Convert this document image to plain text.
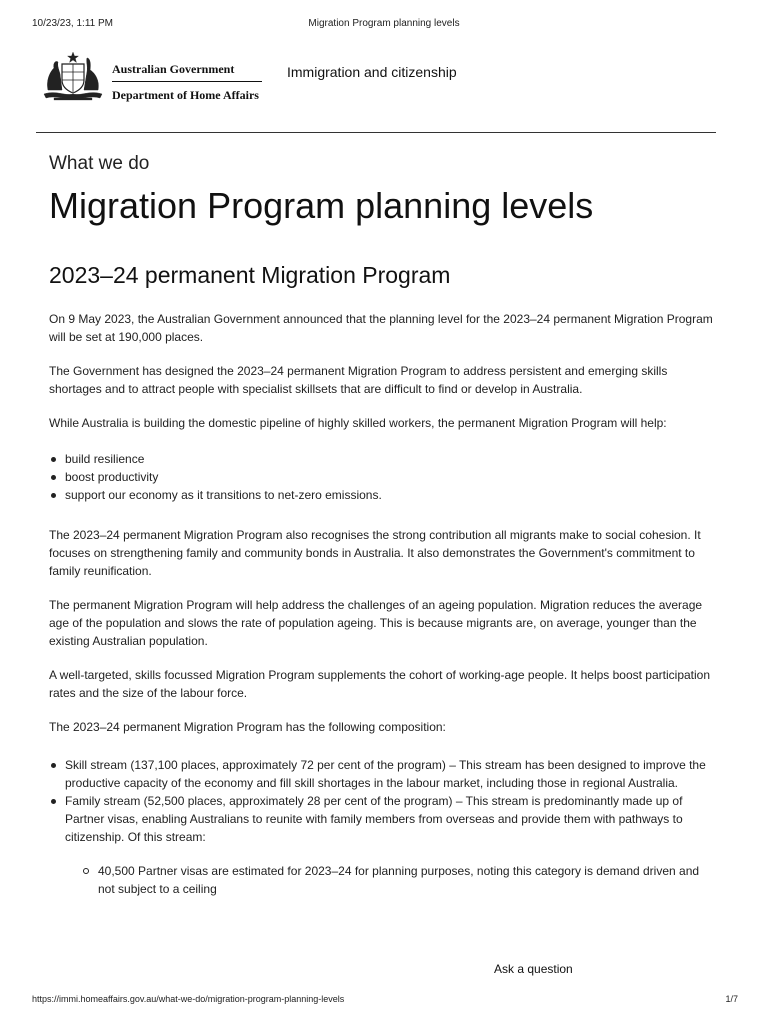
10/23/23, 1:11 PM	Migration Program planning levels
Australian Government
Department of Home Affairs
Immigration and citizenship
What we do
Migration Program planning levels
2023–24 permanent Migration Program

On 9 May 2023, the Australian Government announced that the planning level for the 2023–24 permanent Migration Program will be set at 190,000 places.

The Government has designed the 2023–24 permanent Migration Program to address persistent and emerging skills shortages and to attract people with specialist skillsets that are difficult to find or develop in Australia.

While Australia is building the domestic pipeline of highly skilled workers, the permanent Migration Program will help:

build resilience
boost productivity
support our economy as it transitions to net-zero emissions.

The 2023–24 permanent Migration Program also recognises the strong contribution all migrants make to social cohesion. It focuses on strengthening family and community bonds in Australia. It also demonstrates the Government's commitment to family reunification.

The permanent Migration Program will help address the challenges of an ageing population. Migration reduces the average age of the population and slows the rate of population ageing. This is because migrants are, on average, younger than the existing Australian population.

A well-targeted, skills focussed Migration Program supplements the cohort of working-age people. It helps boost participation rates and the size of the labour force.

The 2023–24 permanent Migration Program has the following composition:

Skill stream (137,100 places, approximately 72 per cent of the program) – This stream has been designed to improve the productive capacity of the economy and fill skill shortages in the labour market, including those in regional Australia.
Family stream (52,500 places, approximately 28 per cent of the program) – This stream is predominantly made up of Partner visas, enabling Australians to reunite with family members from overseas and provide them with pathways to citizenship. Of this stream:
40,500 Partner visas are estimated for 2023–24 for planning purposes, noting this category is demand driven and not subject to a ceiling
Ask a question
https://immi.homeaffairs.gov.au/what-we-do/migration-program-planning-levels	1/7
